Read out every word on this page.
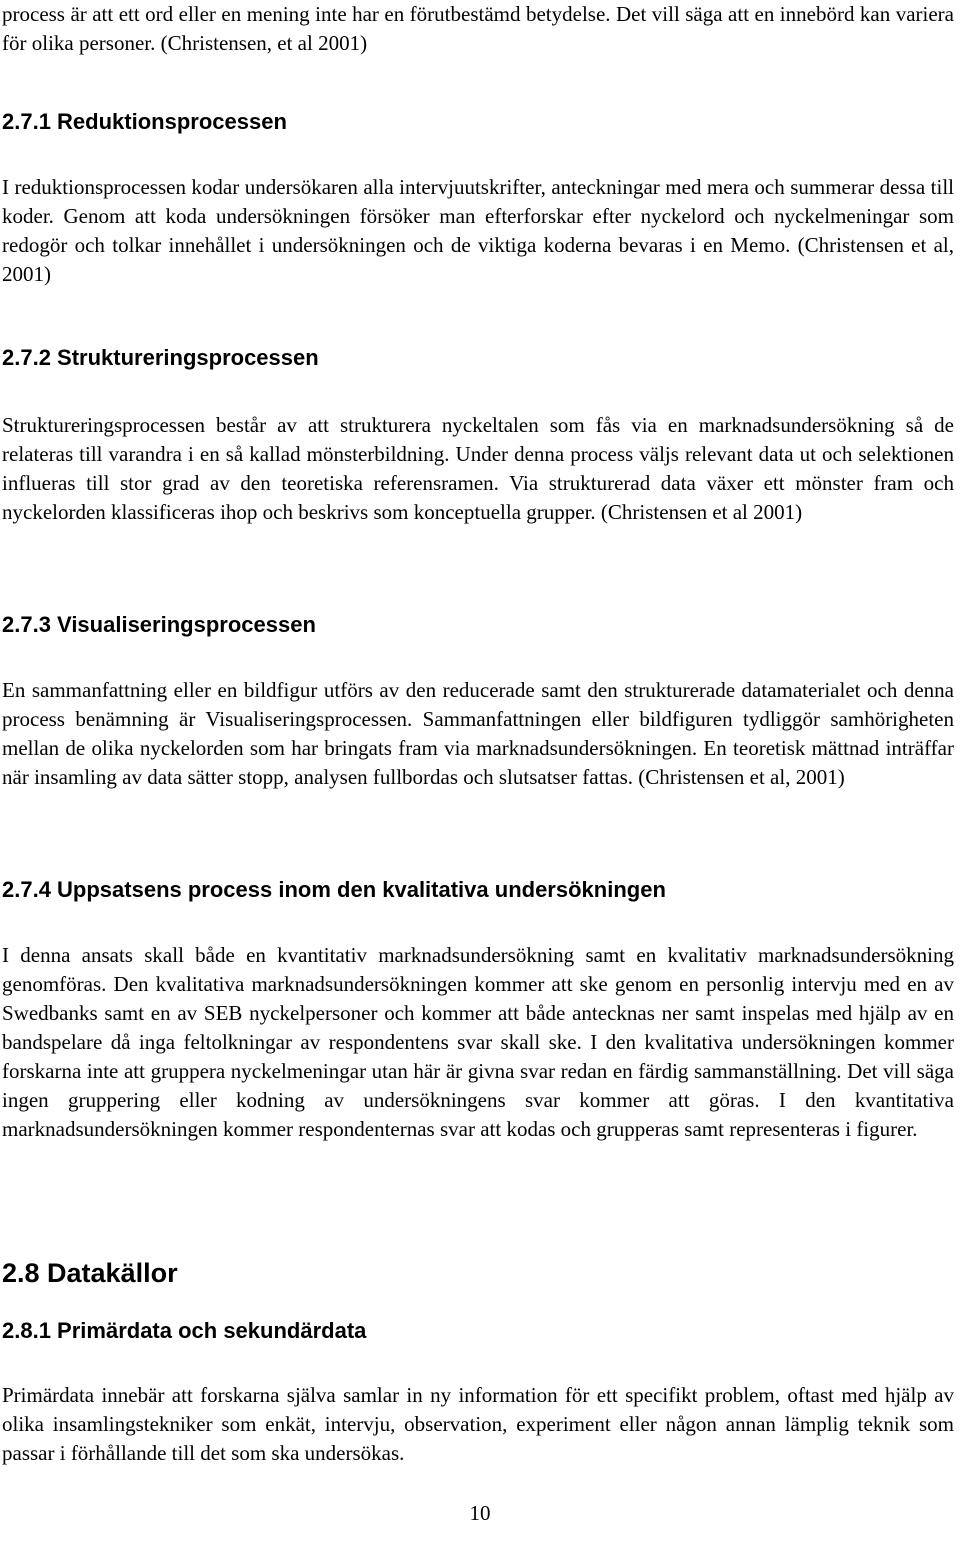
process är att ett ord eller en mening inte har en förutbestämd betydelse. Det vill säga att en innebörd kan variera för olika personer. (Christensen, et al 2001)

2.7.1 Reduktionsprocessen

I reduktionsprocessen kodar undersökaren alla intervjuutskrifter, anteckningar med mera och summerar dessa till koder. Genom att koda undersökningen försöker man efterforskar efter nyckelord och nyckelmeningar som redogör och tolkar innehållet i undersökningen och de viktiga koderna bevaras i en Memo. (Christensen et al, 2001)

2.7.2 Struktureringsprocessen

Struktureringsprocessen består av att strukturera nyckeltalen som fås via en marknadsundersökning så de relateras till varandra i en så kallad mönsterbildning. Under denna process väljs relevant data ut och selektionen influeras till stor grad av den teoretiska referensramen. Via strukturerad data växer ett mönster fram och nyckelorden klassificeras ihop och beskrivs som konceptuella grupper. (Christensen et al 2001)

2.7.3 Visualiseringsprocessen

En sammanfattning eller en bildfigur utförs av den reducerade samt den strukturerade datamaterialet och denna process benämning är Visualiseringsprocessen. Sammanfattningen eller bildfiguren tydliggör samhörigheten mellan de olika nyckelorden som har bringats fram via marknadsundersökningen. En teoretisk mättnad inträffar när insamling av data sätter stopp, analysen fullbordas och slutsatser fattas. (Christensen et al, 2001)

2.7.4 Uppsatsens process inom den kvalitativa undersökningen

I denna ansats skall både en kvantitativ marknadsundersökning samt en kvalitativ marknadsundersökning genomföras. Den kvalitativa marknadsundersökningen kommer att ske genom en personlig intervju med en av Swedbanks samt en av SEB nyckelpersoner och kommer att både antecknas ner samt inspelas med hjälp av en bandspelare då inga feltolkningar av respondentens svar skall ske. I den kvalitativa undersökningen kommer forskarna inte att gruppera nyckelmeningar utan här är givna svar redan en färdig sammanställning. Det vill säga ingen gruppering eller kodning av undersökningens svar kommer att göras. I den kvantitativa marknadsundersökningen kommer respondenternas svar att kodas och grupperas samt representeras i figurer.

2.8 Datakällor
2.8.1 Primärdata och sekundärdata

Primärdata innebär att forskarna själva samlar in ny information för ett specifikt problem, oftast med hjälp av olika insamlingstekniker som enkät, intervju, observation, experiment eller någon annan lämplig teknik som passar i förhållande till det som ska undersökas.

10
